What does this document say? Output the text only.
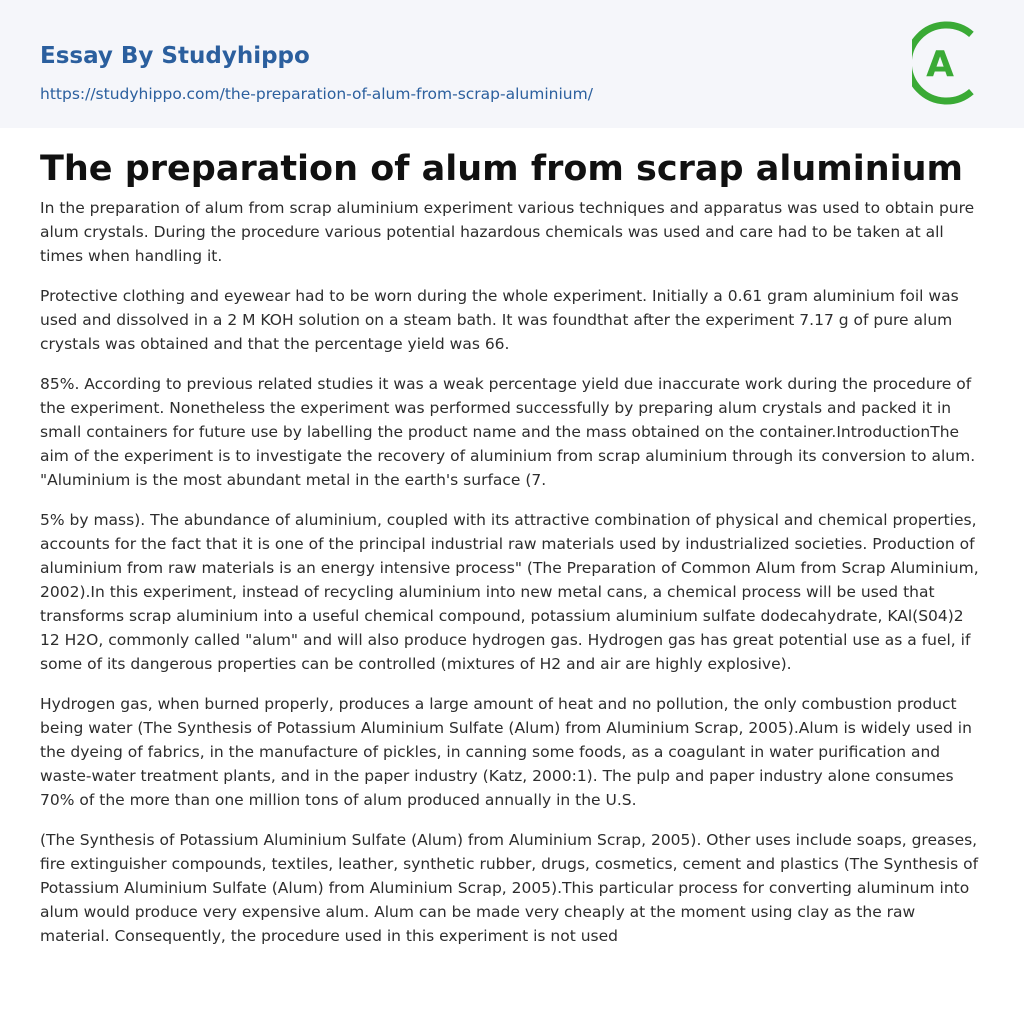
Essay By Studyhippo
https://studyhippo.com/the-preparation-of-alum-from-scrap-aluminium/
A
The preparation of alum from scrap aluminium

In the preparation of alum from scrap aluminium experiment various techniques and apparatus was used to obtain pure alum crystals. During the procedure various potential hazardous chemicals was used and care had to be taken at all times when handling it.

Protective clothing and eyewear had to be worn during the whole experiment. Initially a 0.61 gram aluminium foil was used and dissolved in a 2 M KOH solution on a steam bath. It was foundthat after the experiment 7.17 g of pure alum crystals was obtained and that the percentage yield was 66.

85%. According to previous related studies it was a weak percentage yield due inaccurate work during the procedure of the experiment. Nonetheless the experiment was performed successfully by preparing alum crystals and packed it in small containers for future use by labelling the product name and the mass obtained on the container.IntroductionThe aim of the experiment is to investigate the recovery of aluminium from scrap aluminium through its conversion to alum. "Aluminium is the most abundant metal in the earth's surface (7.

5% by mass). The abundance of aluminium, coupled with its attractive combination of physical and chemical properties, accounts for the fact that it is one of the principal industrial raw materials used by industrialized societies. Production of aluminium from raw materials is an energy intensive process" (The Preparation of Common Alum from Scrap Aluminium, 2002).In this experiment, instead of recycling aluminium into new metal cans, a chemical process will be used that transforms scrap aluminium into a useful chemical compound, potassium aluminium sulfate dodecahydrate, KAl(S04)2 12 H2O, commonly called "alum" and will also produce hydrogen gas. Hydrogen gas has great potential use as a fuel, if some of its dangerous properties can be controlled (mixtures of H2 and air are highly explosive).

Hydrogen gas, when burned properly, produces a large amount of heat and no pollution, the only combustion product being water (The Synthesis of Potassium Aluminium Sulfate (Alum) from Aluminium Scrap, 2005).Alum is widely used in the dyeing of fabrics, in the manufacture of pickles, in canning some foods, as a coagulant in water purification and waste-water treatment plants, and in the paper industry (Katz, 2000:1). The pulp and paper industry alone consumes 70% of the more than one million tons of alum produced annually in the U.S.

(The Synthesis of Potassium Aluminium Sulfate (Alum) from Aluminium Scrap, 2005). Other uses include soaps, greases, fire extinguisher compounds, textiles, leather, synthetic rubber, drugs, cosmetics, cement and plastics (The Synthesis of Potassium Aluminium Sulfate (Alum) from Aluminium Scrap, 2005).This particular process for converting aluminum into alum would produce very expensive alum. Alum can be made very cheaply at the moment using clay as the raw material. Consequently, the procedure used in this experiment is not used
